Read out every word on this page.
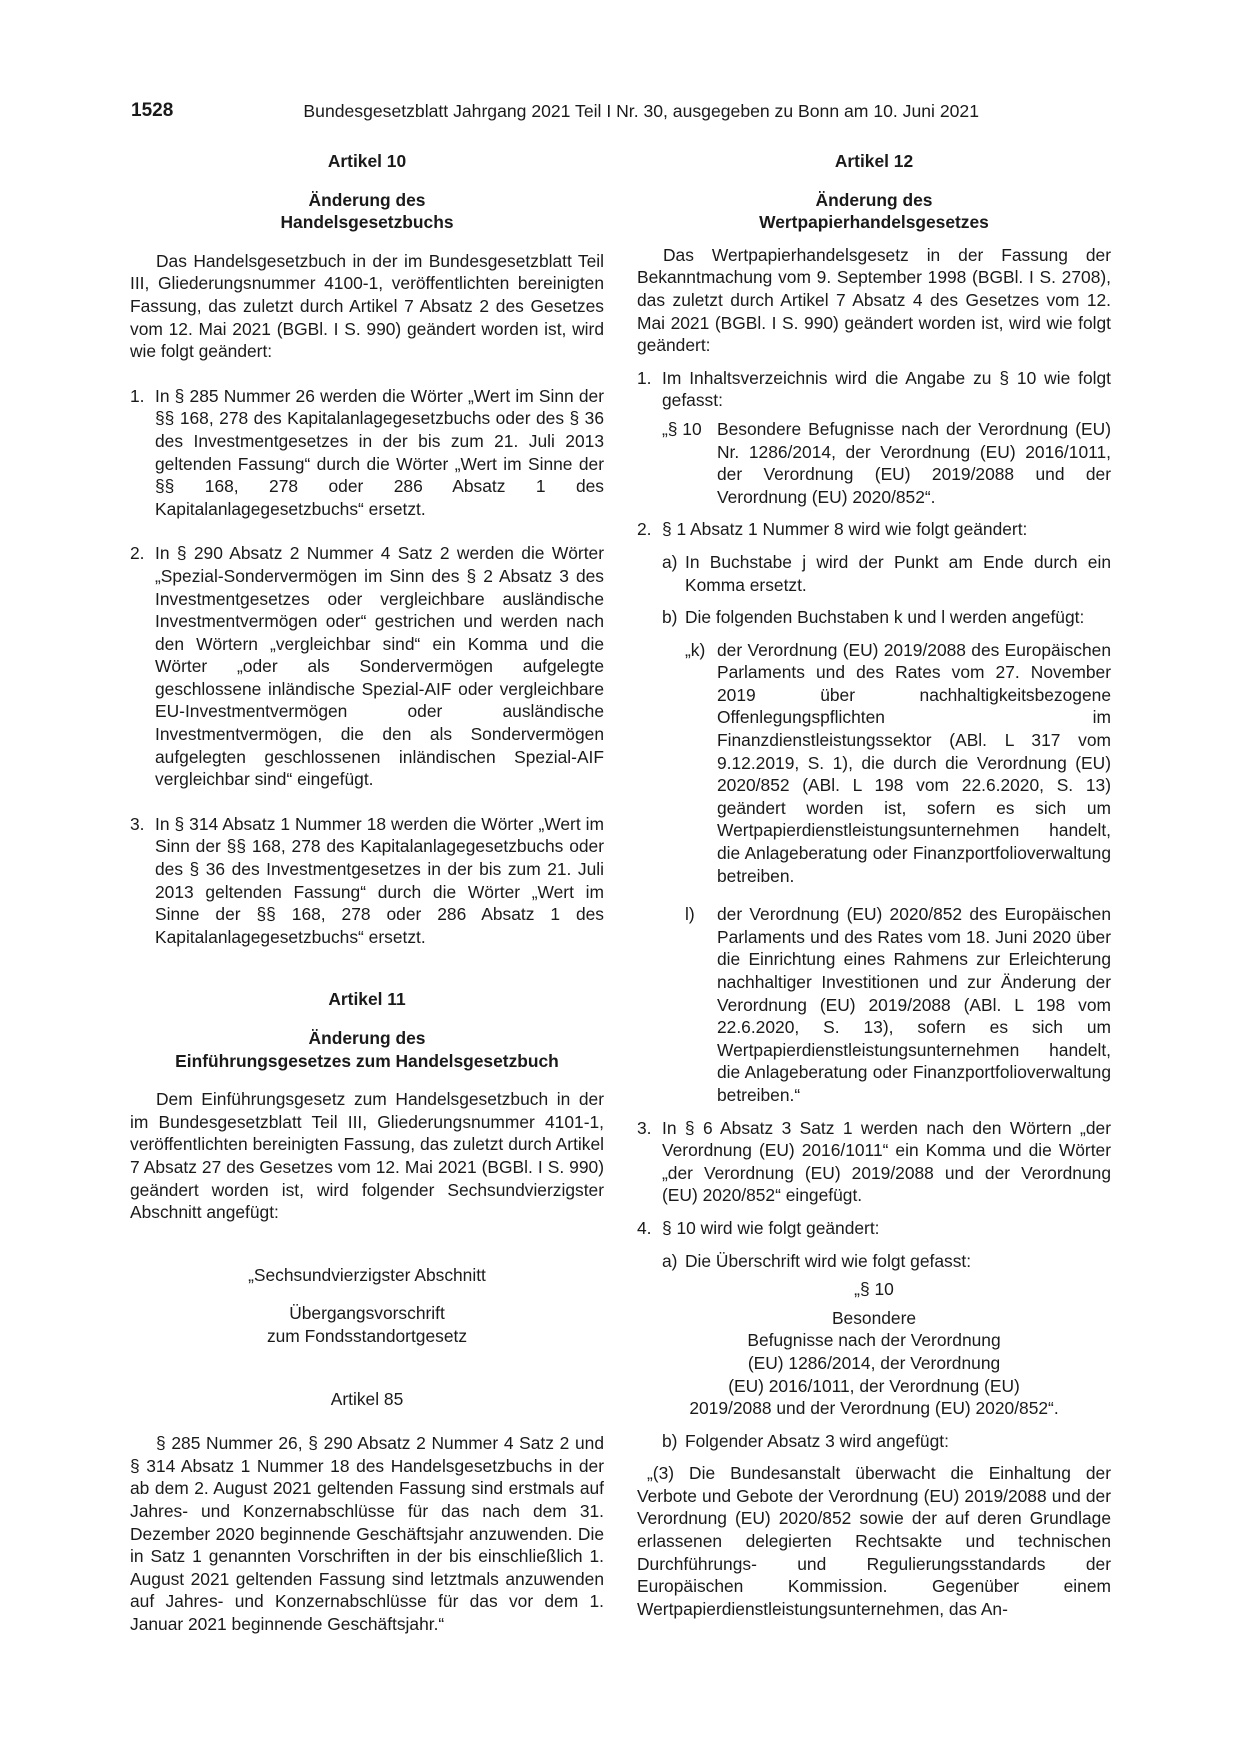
1528	Bundesgesetzblatt Jahrgang 2021 Teil I Nr. 30, ausgegeben zu Bonn am 10. Juni 2021

Artikel 10

Änderung des

Handelsgesetzbuchs

Das Handelsgesetzbuch in der im Bundesgesetzblatt Teil III, Gliederungsnummer 4100-1, veröffentlichten bereinigten Fassung, das zuletzt durch Artikel 7 Absatz 2 des Gesetzes vom 12. Mai 2021 (BGBl. I S. 990) geändert worden ist, wird wie folgt geändert:

1. In § 285 Nummer 26 werden die Wörter „Wert im Sinn der §§ 168, 278 des Kapitalanlagegesetzbuchs oder des § 36 des Investmentgesetzes in der bis zum 21. Juli 2013 geltenden Fassung“ durch die Wörter „Wert im Sinne der §§ 168, 278 oder 286 Absatz 1 des Kapitalanlagegesetzbuchs“ ersetzt.
2. In § 290 Absatz 2 Nummer 4 Satz 2 werden die Wörter „Spezial-Sondervermögen im Sinn des § 2 Absatz 3 des Investmentgesetzes oder vergleichbare ausländische Investmentvermögen oder“ gestrichen und werden nach den Wörtern „vergleichbar sind“ ein Komma und die Wörter „oder als Sondervermögen aufgelegte geschlossene inländische Spezial-AIF oder vergleichbare EU-Investmentvermögen oder ausländische Investmentvermögen, die den als Sondervermögen aufgelegten geschlossenen inländischen Spezial-AIF vergleichbar sind“ eingefügt.
3. In § 314 Absatz 1 Nummer 18 werden die Wörter „Wert im Sinn der §§ 168, 278 des Kapitalanlagegesetzbuchs oder des § 36 des Investmentgesetzes in der bis zum 21. Juli 2013 geltenden Fassung“ durch die Wörter „Wert im Sinne der §§ 168, 278 oder 286 Absatz 1 des Kapitalanlagegesetzbuchs“ ersetzt.

Artikel 11

Änderung des

Einführungsgesetzes zum Handelsgesetzbuch

Dem Einführungsgesetz zum Handelsgesetzbuch in der im Bundesgesetzblatt Teil III, Gliederungsnummer 4101-1, veröffentlichten bereinigten Fassung, das zuletzt durch Artikel 7 Absatz 27 des Gesetzes vom 12. Mai 2021 (BGBl. I S. 990) geändert worden ist, wird folgender Sechsundvierzigster Abschnitt angefügt:

„Sechsundvierzigster Abschnitt

Übergangsvorschrift

zum Fondsstandortgesetz

Artikel 85

§ 285 Nummer 26, § 290 Absatz 2 Nummer 4 Satz 2 und § 314 Absatz 1 Nummer 18 des Handelsgesetzbuchs in der ab dem 2. August 2021 geltenden Fassung sind erstmals auf Jahres- und Konzernabschlüsse für das nach dem 31. Dezember 2020 beginnende Geschäftsjahr anzuwenden. Die in Satz 1 genannten Vorschriften in der bis einschließlich 1. August 2021 geltenden Fassung sind letztmals anzuwenden auf Jahres- und Konzernabschlüsse für das vor dem 1. Januar 2021 beginnende Geschäftsjahr.“

Artikel 12

Änderung des

Wertpapierhandelsgesetzes

Das Wertpapierhandelsgesetz in der Fassung der Bekanntmachung vom 9. September 1998 (BGBl. I S. 2708), das zuletzt durch Artikel 7 Absatz 4 des Gesetzes vom 12. Mai 2021 (BGBl. I S. 990) geändert worden ist, wird wie folgt geändert:

1. Im Inhaltsverzeichnis wird die Angabe zu § 10 wie folgt gefasst:
„§ 10 Besondere Befugnisse nach der Verordnung (EU) Nr. 1286/2014, der Verordnung (EU) 2016/1011, der Verordnung (EU) 2019/2088 und der Verordnung (EU) 2020/852“.
2. § 1 Absatz 1 Nummer 8 wird wie folgt geändert:
a) In Buchstabe j wird der Punkt am Ende durch ein Komma ersetzt.
b) Die folgenden Buchstaben k und l werden angefügt:
„k) der Verordnung (EU) 2019/2088 des Europäischen Parlaments und des Rates vom 27. November 2019 über nachhaltigkeitsbezogene Offenlegungspflichten im Finanzdienstleistungssektor (ABl. L 317 vom 9.12.2019, S. 1), die durch die Verordnung (EU) 2020/852 (ABl. L 198 vom 22.6.2020, S. 13) geändert worden ist, sofern es sich um Wertpapierdienstleistungsunternehmen handelt, die Anlageberatung oder Finanzportfolioverwaltung betreiben.
l)	der Verordnung (EU) 2020/852 des Europäischen Parlaments und des Rates vom 18. Juni 2020 über die Einrichtung eines Rahmens zur Erleichterung nachhaltiger Investitionen und zur Änderung der Verordnung (EU) 2019/2088 (ABl. L 198 vom 22.6.2020, S. 13), sofern es sich um Wertpapierdienstleistungsunternehmen handelt, die Anlageberatung oder Finanzportfolioverwaltung betreiben.“
3. In § 6 Absatz 3 Satz 1 werden nach den Wörtern „der Verordnung (EU) 2016/1011“ ein Komma und die Wörter „der Verordnung (EU) 2019/2088 und der Verordnung (EU) 2020/852“ eingefügt.
4. § 10 wird wie folgt geändert:
a) Die Überschrift wird wie folgt gefasst:

„§ 10

Besondere

Befugnisse nach der Verordnung

(EU) 1286/2014, der Verordnung

(EU) 2016/1011, der Verordnung (EU)

2019/2088 und der Verordnung (EU) 2020/852“.

b) Folgender Absatz 3 wird angefügt:

„(3) Die Bundesanstalt überwacht die Einhaltung der Verbote und Gebote der Verordnung (EU) 2019/2088 und der Verordnung (EU) 2020/852 sowie der auf deren Grundlage erlassenen delegierten Rechtsakte und technischen Durchführungs- und Regulierungsstandards der Europäischen Kommission. Gegenüber einem Wertpapierdienstleistungsunternehmen, das An-
